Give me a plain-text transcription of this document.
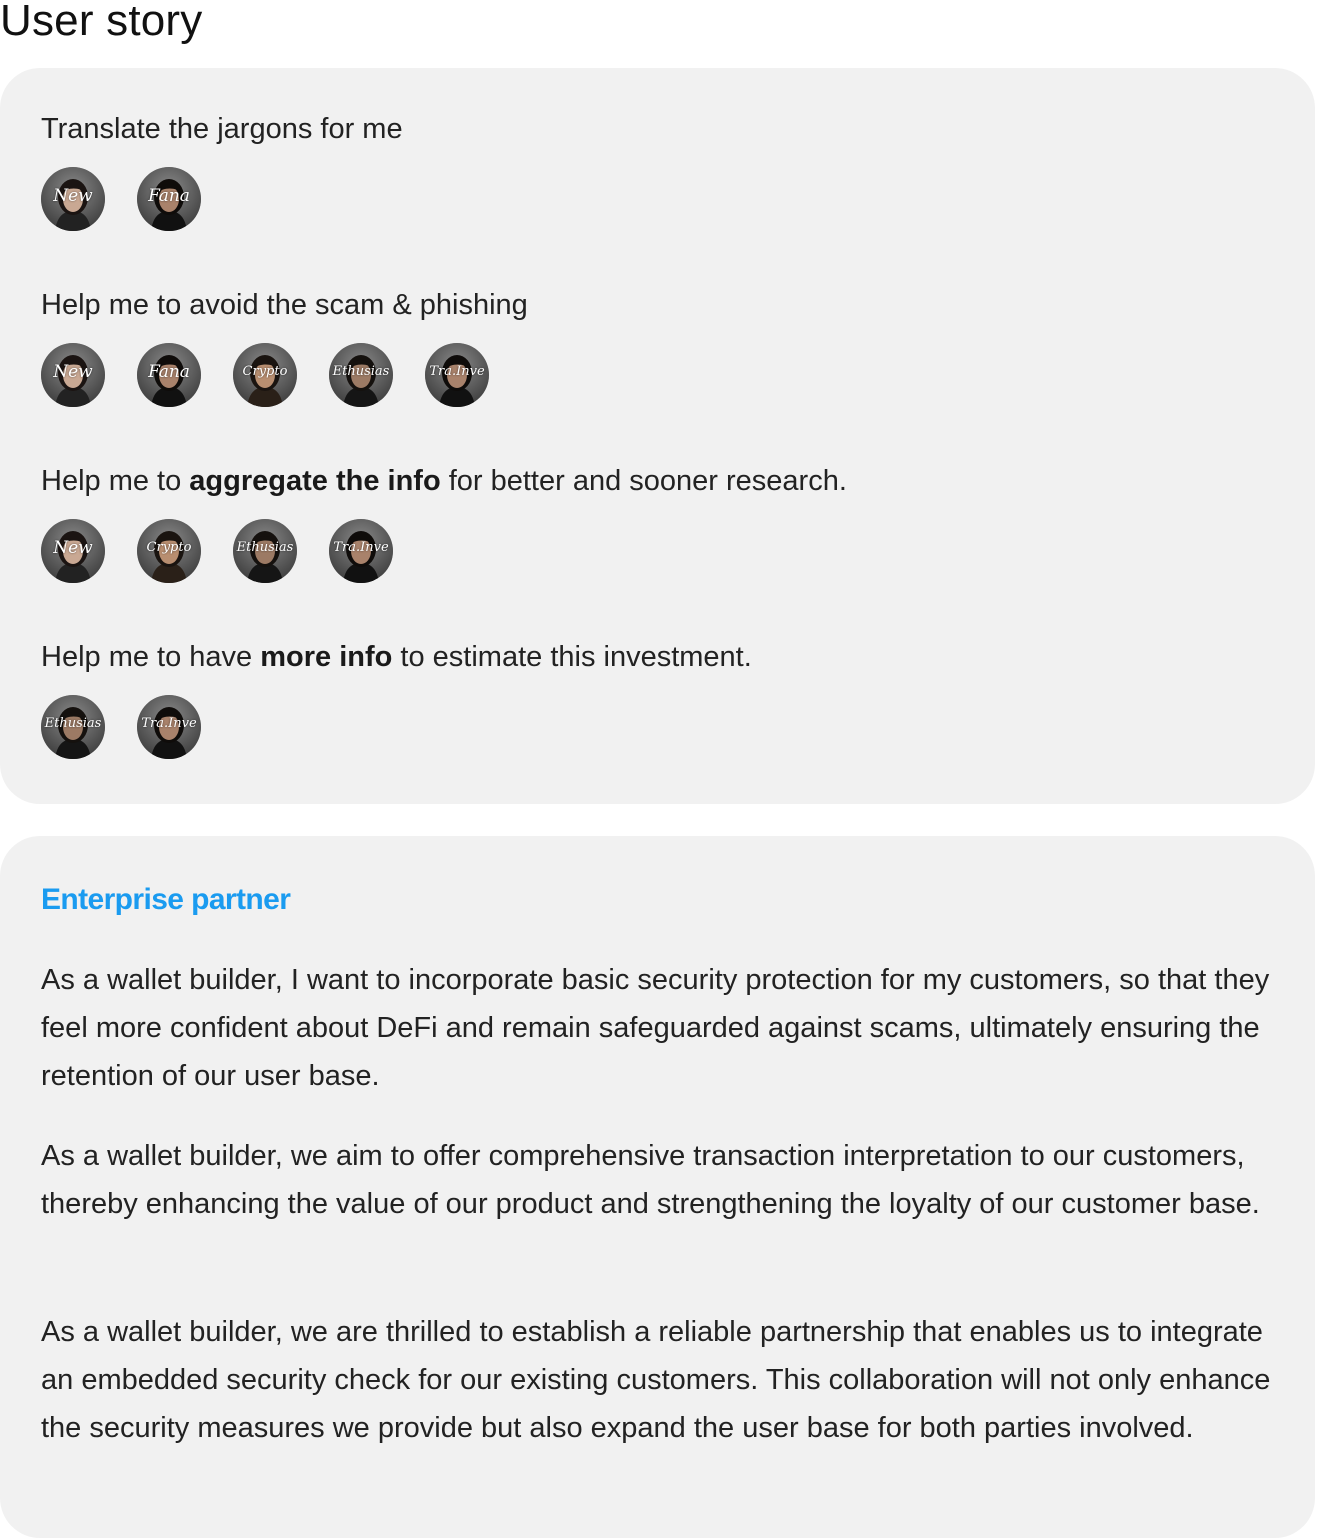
User story
Translate the jargons for me
New	Fana
Help me to avoid the scam & phishing
New	Fana	Crypto	Ethusias	Tra.Inve
Help me to aggregate the info for better and sooner research.
New	Crypto	Ethusias	Tra.Inve
Help me to have more info to estimate this investment.
Ethusias	Tra.Inve
Enterprise partner

As a wallet builder, I want to incorporate basic security protection for my customers, so that they feel more confident about DeFi and remain safeguarded against scams, ultimately ensuring the retention of our user base.

As a wallet builder, we aim to offer comprehensive transaction interpretation to our customers, thereby enhancing the value of our product and strengthening the loyalty of our customer base.

As a wallet builder, we are thrilled to establish a reliable partnership that enables us to integrate an embedded security check for our existing customers. This collaboration will not only enhance the security measures we provide but also expand the user base for both parties involved.
